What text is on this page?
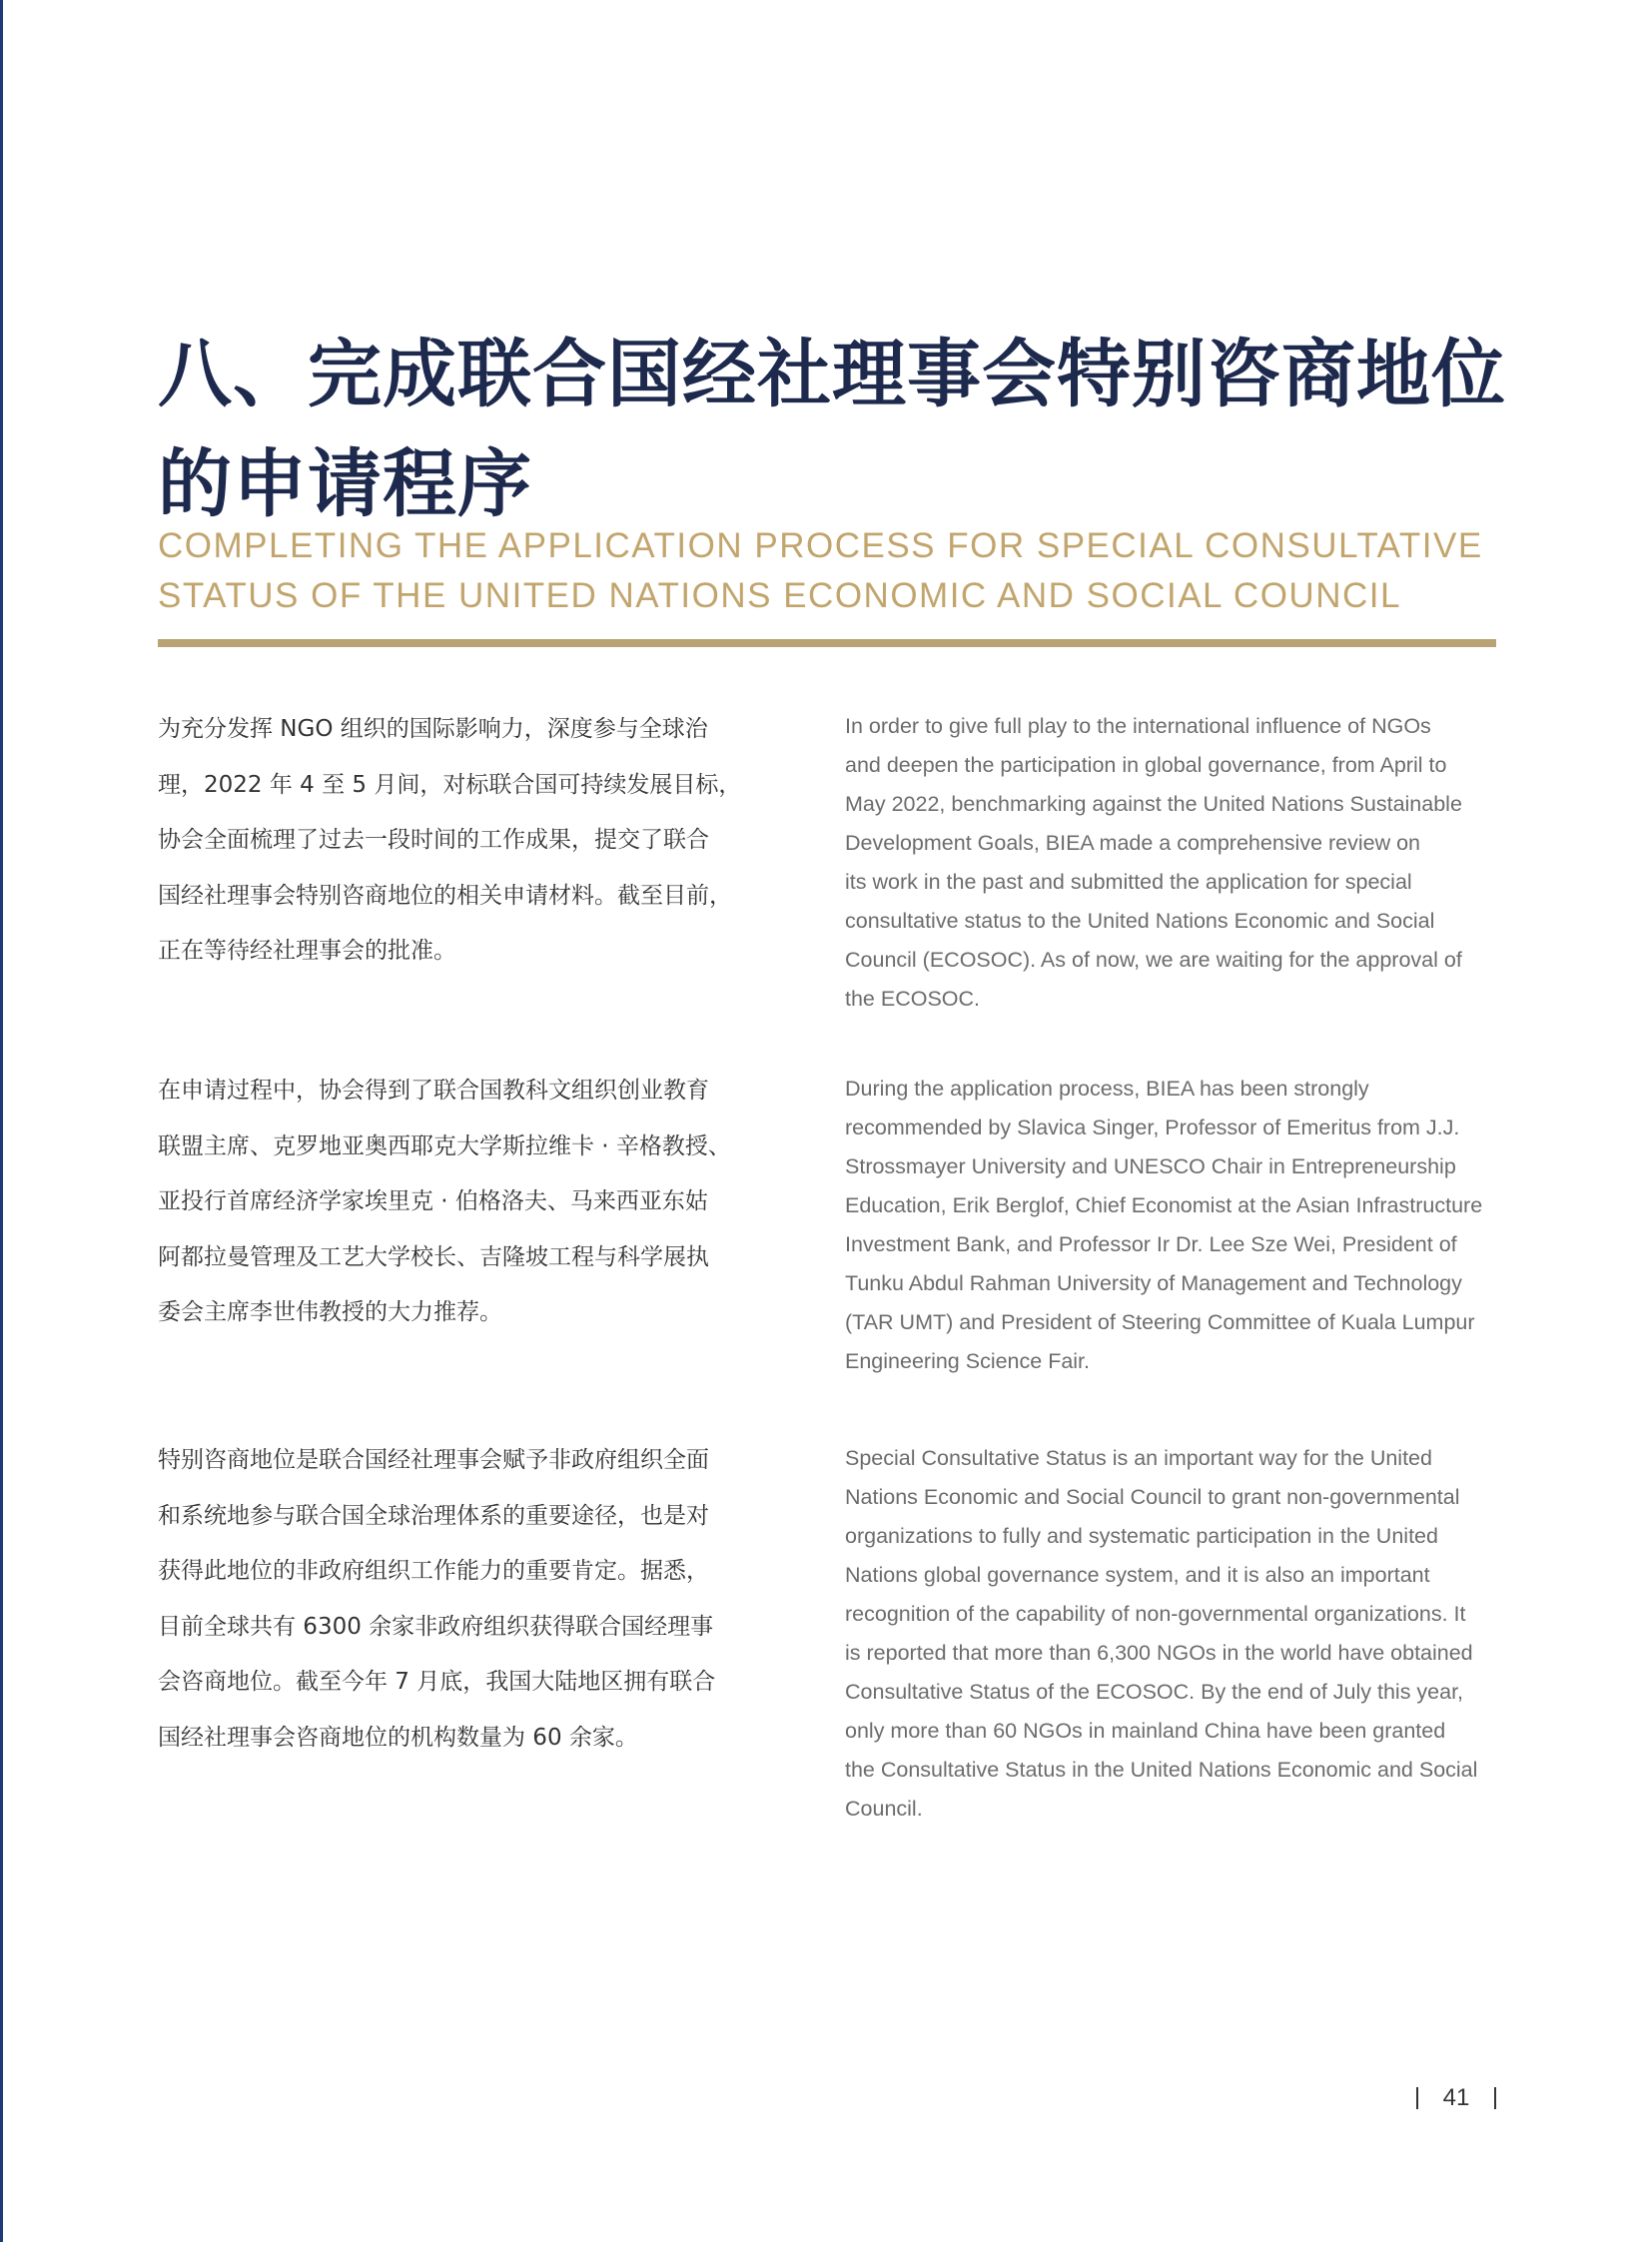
八、完成联合国经社理事会特别咨商地位
的申请程序
COMPLETING THE APPLICATION PROCESS FOR SPECIAL CONSULTATIVE
STATUS OF THE UNITED NATIONS ECONOMIC AND SOCIAL COUNCIL
为充分发挥 NGO 组织的国际影响力，深度参与全球治
理，2022 年 4 至 5 月间，对标联合国可持续发展目标，
协会全面梳理了过去一段时间的工作成果，提交了联合
国经社理事会特别咨商地位的相关申请材料。截至目前，
正在等待经社理事会的批准。
在申请过程中，协会得到了联合国教科文组织创业教育
联盟主席、克罗地亚奥西耶克大学斯拉维卡 · 辛格教授、
亚投行首席经济学家埃里克 · 伯格洛夫、马来西亚东姑
阿都拉曼管理及工艺大学校长、吉隆坡工程与科学展执
委会主席李世伟教授的大力推荐。
特别咨商地位是联合国经社理事会赋予非政府组织全面
和系统地参与联合国全球治理体系的重要途径，也是对
获得此地位的非政府组织工作能力的重要肯定。据悉，
目前全球共有 6300 余家非政府组织获得联合国经理事
会咨商地位。截至今年 7 月底，我国大陆地区拥有联合
国经社理事会咨商地位的机构数量为 60 余家。
In order to give full play to the international influence of NGOs
and deepen the participation in global governance, from April to
May 2022, benchmarking against the United Nations Sustainable
Development Goals, BIEA made a comprehensive review on
its work in the past and submitted the application for special
consultative status to the United Nations Economic and Social
Council (ECOSOC). As of now, we are waiting for the approval of
the ECOSOC.
During the application process, BIEA has been strongly
recommended by Slavica Singer, Professor of Emeritus from J.J.
Strossmayer University and UNESCO Chair in Entrepreneurship
Education, Erik Berglof, Chief Economist at the Asian Infrastructure
Investment Bank, and Professor Ir Dr. Lee Sze Wei, President of
Tunku Abdul Rahman University of Management and Technology
(TAR UMT) and President of Steering Committee of Kuala Lumpur
Engineering Science Fair.
Special Consultative Status is an important way for the United
Nations Economic and Social Council to grant non-governmental
organizations to fully and systematic participation in the United
Nations global governance system, and it is also an important
recognition of the capability of non-governmental organizations. It
is reported that more than 6,300 NGOs in the world have obtained
Consultative Status of the ECOSOC. By the end of July this year,
only more than 60 NGOs in mainland China have been granted
the Consultative Status in the United Nations Economic and Social
Council.
41
